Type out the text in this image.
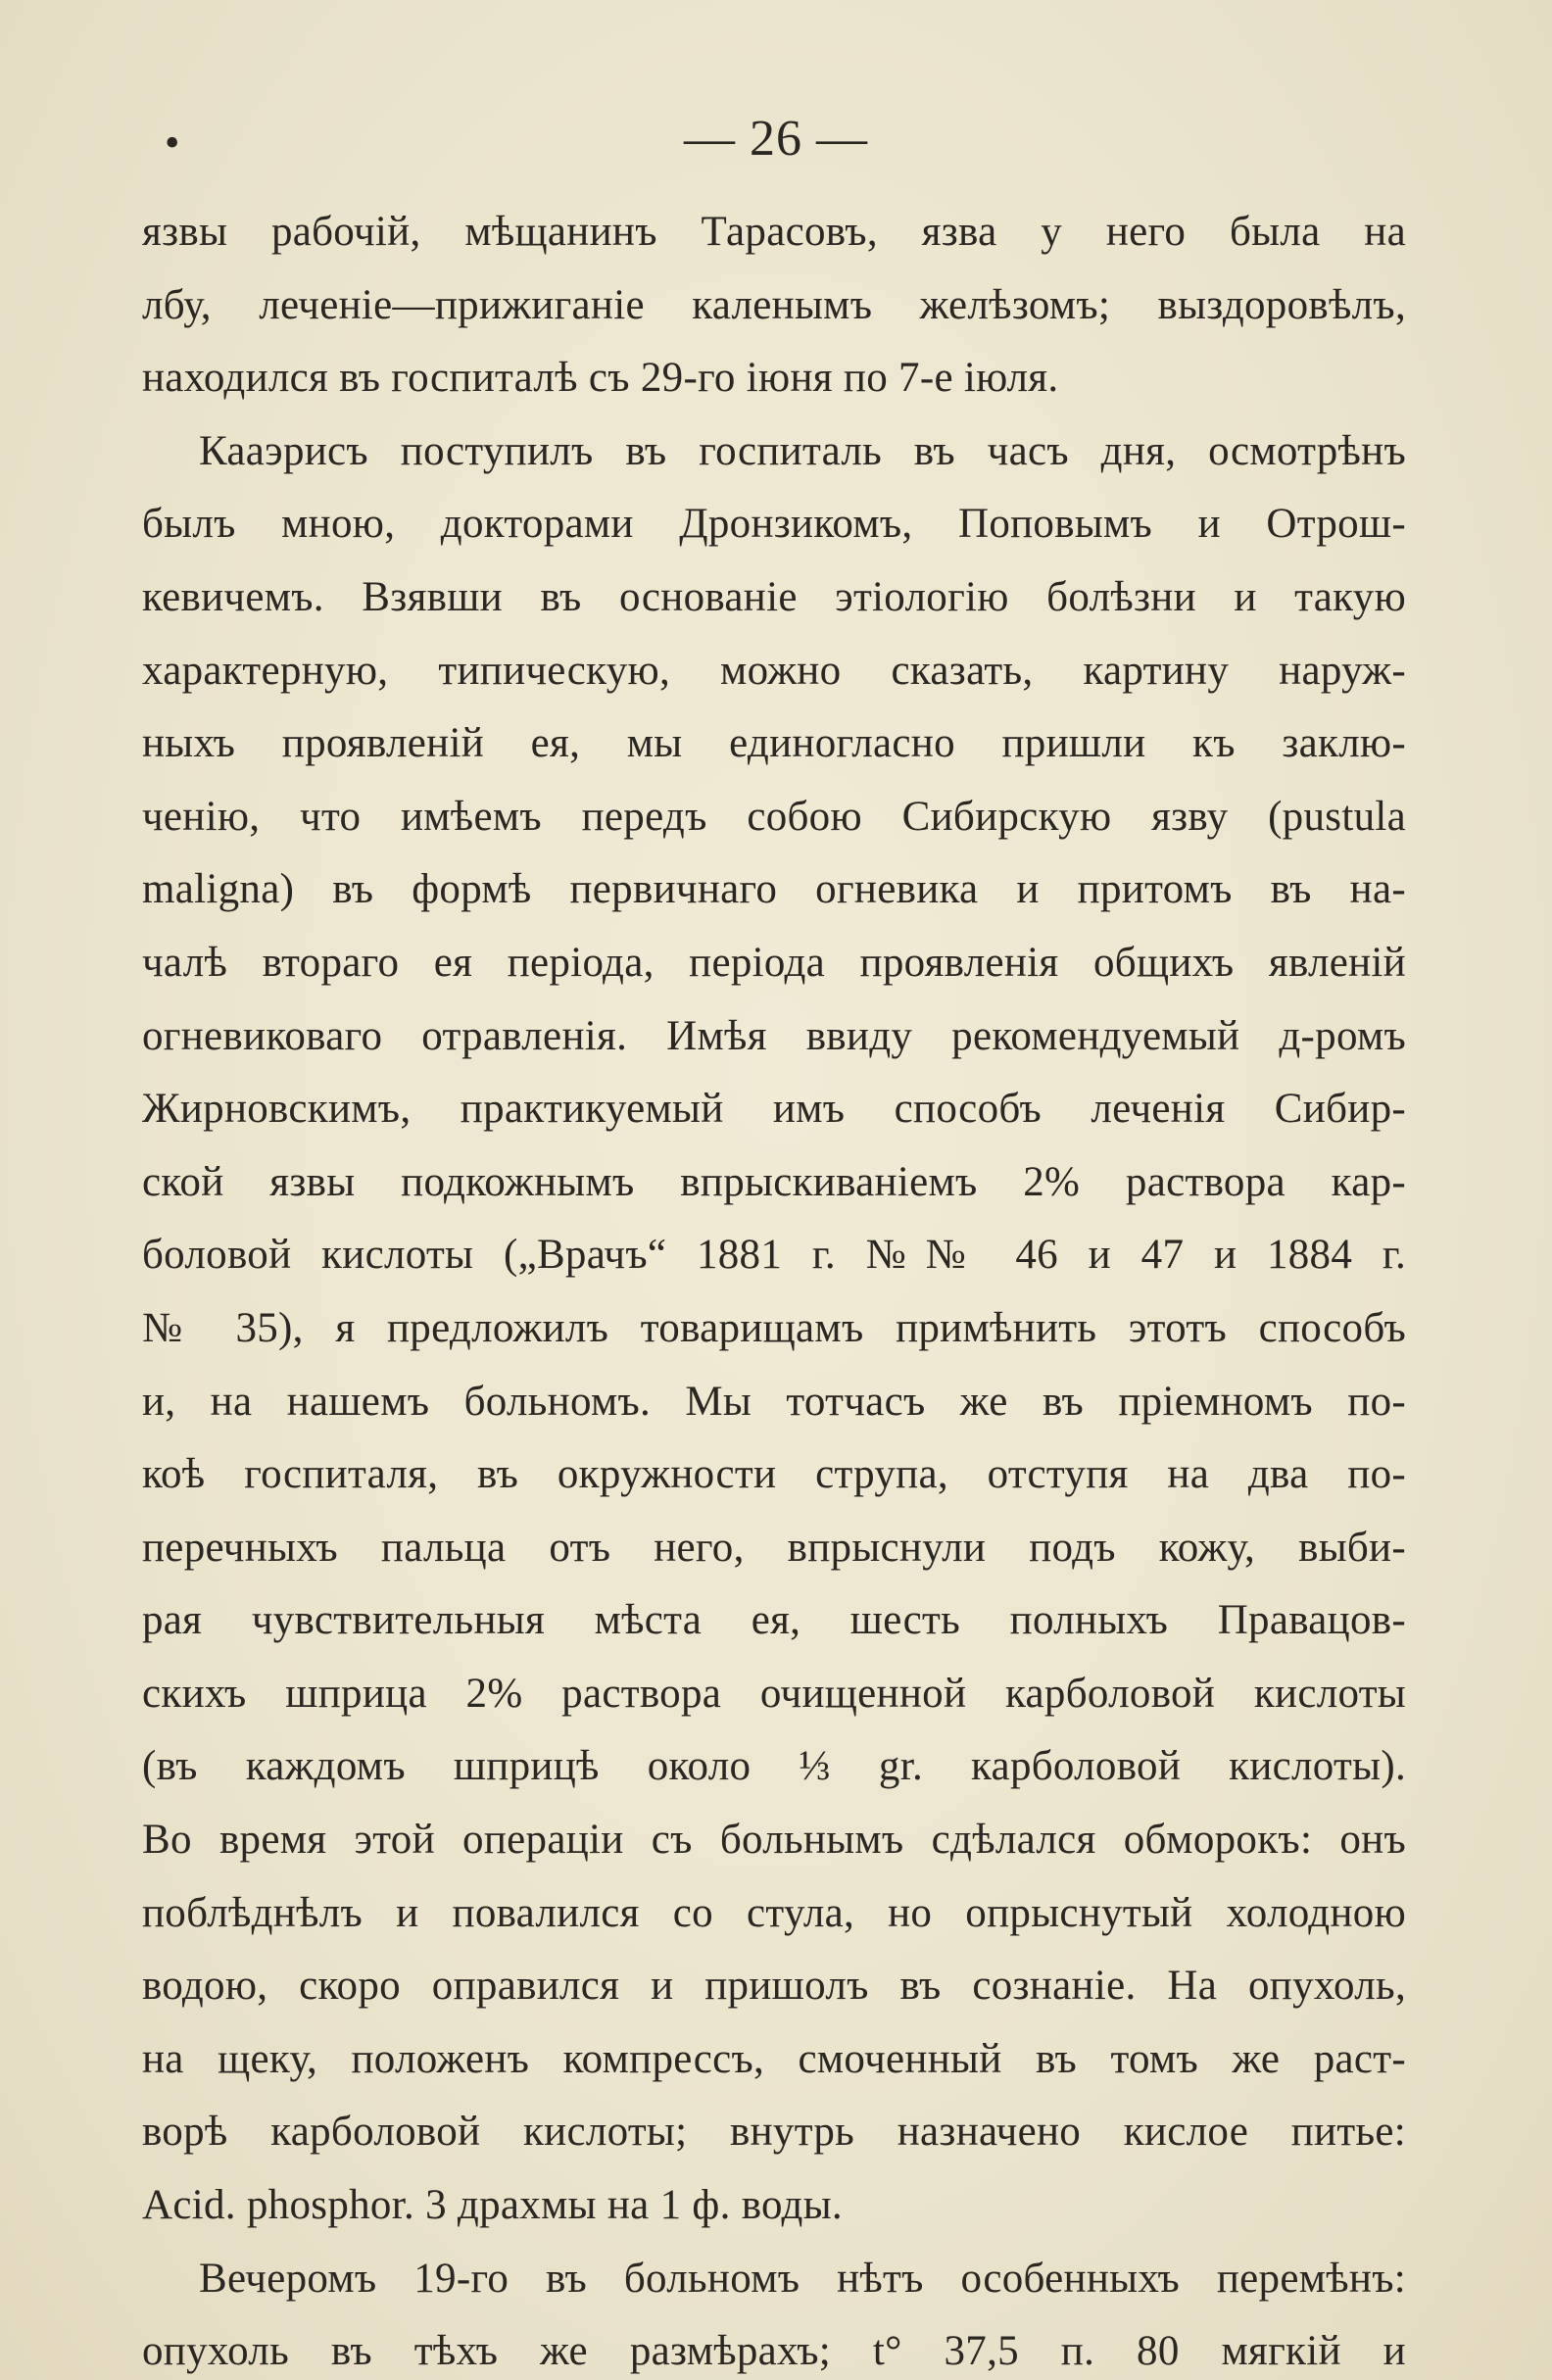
•	— 26 —
язвы рабочій, мѣщанинъ Тарасовъ, язва у него была на
лбу, леченіе—прижиганіе каленымъ желѣзомъ; выздоровѣлъ,
находился въ госпиталѣ съ 29-го іюня по 7-е іюля.
Кааэрисъ поступилъ въ госпиталь въ часъ дня, осмотрѣнъ
былъ мною, докторами Дронзикомъ, Поповымъ и Отрош-
кевичемъ. Взявши въ основаніе этіологію болѣзни и такую
характерную, типическую, можно сказать, картину наруж-
ныхъ проявленій ея, мы единогласно пришли къ заклю-
ченію, что имѣемъ передъ собою Сибирскую язву (pustula
maligna) въ формѣ первичнаго огневика и притомъ въ на-
чалѣ втораго ея періода, періода проявленія общихъ явленій
огневиковаго отравленія. Имѣя ввиду рекомендуемый д-ромъ
Жирновскимъ, практикуемый имъ способъ леченія Сибир-
ской язвы подкожнымъ впрыскиваніемъ 2% раствора кар-
боловой кислоты („Врачъ“ 1881 г. №№ 46 и 47 и 1884 г.
№ 35), я предложилъ товарищамъ примѣнить этотъ способъ
и, на нашемъ больномъ. Мы тотчасъ же въ пріемномъ по-
коѣ госпиталя, въ окружности струпа, отступя на два по-
перечныхъ пальца отъ него, впрыснули подъ кожу, выби-
рая чувствительныя мѣста ея, шесть полныхъ Правацов-
скихъ шприца 2% раствора очищенной карболовой кислоты
(въ каждомъ шприцѣ около ⅓ gr. карболовой кислоты).
Во время этой операціи съ больнымъ сдѣлался обморокъ: онъ
поблѣднѣлъ и повалился со стула, но опрыснутый холодною
водою, скоро оправился и пришолъ въ сознаніе. На опухоль,
на щеку, положенъ компрессъ, смоченный въ томъ же раст-
ворѣ карболовой кислоты; внутрь назначено кислое питье:
Acid. phosphor. 3 драхмы на 1 ф. воды.
Вечеромъ 19-го въ больномъ нѣтъ особенныхъ перемѣнъ:
опухоль въ тѣхъ же размѣрахъ; t° 37,5 п. 80 мягкій и
